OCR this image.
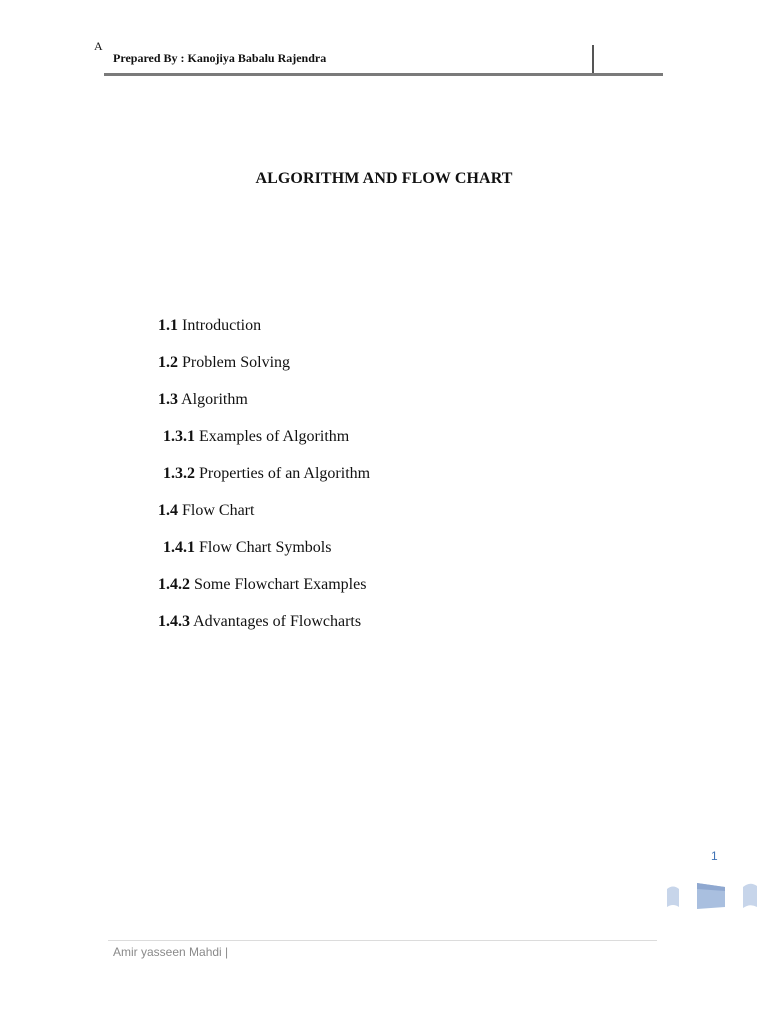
A
Prepared By : Kanojiya Babalu Rajendra
ALGORITHM AND FLOW CHART
1.1 Introduction
1.2 Problem Solving
1.3 Algorithm
1.3.1 Examples of Algorithm
1.3.2 Properties of an Algorithm
1.4 Flow Chart
1.4.1 Flow Chart Symbols
1.4.2 Some Flowchart Examples
1.4.3 Advantages of Flowcharts
1
Amir yasseen Mahdi |
